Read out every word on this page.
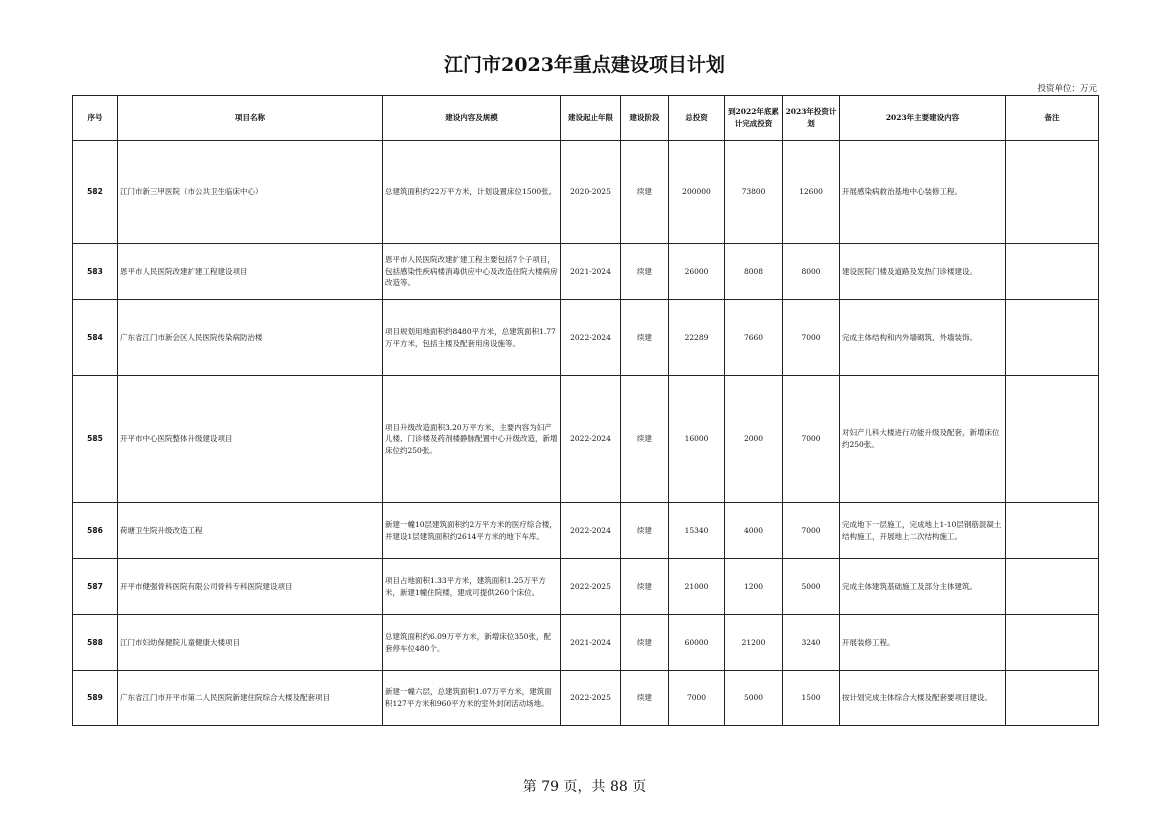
江门市2023年重点建设项目计划
投资单位：万元
序号	项目名称	建设内容及规模	建设起止年限	建设阶段	总投资	到2022年底累计完成投资	2023年投资计划	2023年主要建设内容	备注
582	江门市新三甲医院（市公共卫生临床中心）	总建筑面积约22万平方米，计划设置床位1500张。	2020-2025	续建	200000	73800	12600	开展感染病救治基地中心装修工程。	
583	恩平市人民医院改建扩建工程建设项目	恩平市人民医院改建扩建工程主要包括7个子项目，包括感染性疾病楼消毒供应中心及改造住院大楼病房改造等。	2021-2024	续建	26000	8008	8000	建设医院门楼及道路及发热门诊楼建设。	
584	广东省江门市新会区人民医院传染病防治楼	项目规划用地面积约8480平方米，总建筑面积1.77万平方米，包括主楼及配套用房设施等。	2022-2024	续建	22289	7660	7000	完成主体结构和内外墙砌筑、外墙装饰。	
585	开平市中心医院整体升级建设项目	项目升级改造面积3.20万平方米，主要内容为妇产儿楼、门诊楼及药剂楼静脉配置中心升级改造，新增床位约250张。	2022-2024	续建	16000	2000	7000	对妇产儿科大楼进行功能升级及配套，新增床位约250张。	
586	荷塘卫生院升级改造工程	新建一幢10层建筑面积约2万平方米的医疗综合楼，并建设1层建筑面积约2614平方米的地下车库。	2022-2024	续建	15340	4000	7000	完成地下一层施工，完成地上1-10层钢筋混凝土结构施工，开展地上二次结构施工。	
587	开平市健强骨科医院有限公司骨科专科医院建设项目	项目占地面积1.33平方米，建筑面积1.25万平方米，新建1幢住院楼，建成可提供260个床位。	2022-2025	续建	21000	1200	5000	完成主体建筑基础施工及部分主体建筑。	
588	江门市妇幼保健院儿童健康大楼项目	总建筑面积约6.09万平方米，新增床位350张，配套停车位480个。	2021-2024	续建	60000	21200	3240	开展装修工程。	
589	广东省江门市开平市第二人民医院新建住院综合大楼及配套项目	新建一幢六层，总建筑面积1.07万平方米，建筑面积127平方米和960平方米的室外封闭活动场地。	2022-2025	续建	7000	5000	1500	按计划完成主体综合大楼及配套要项目建设。	
第 79 页，共 88 页
